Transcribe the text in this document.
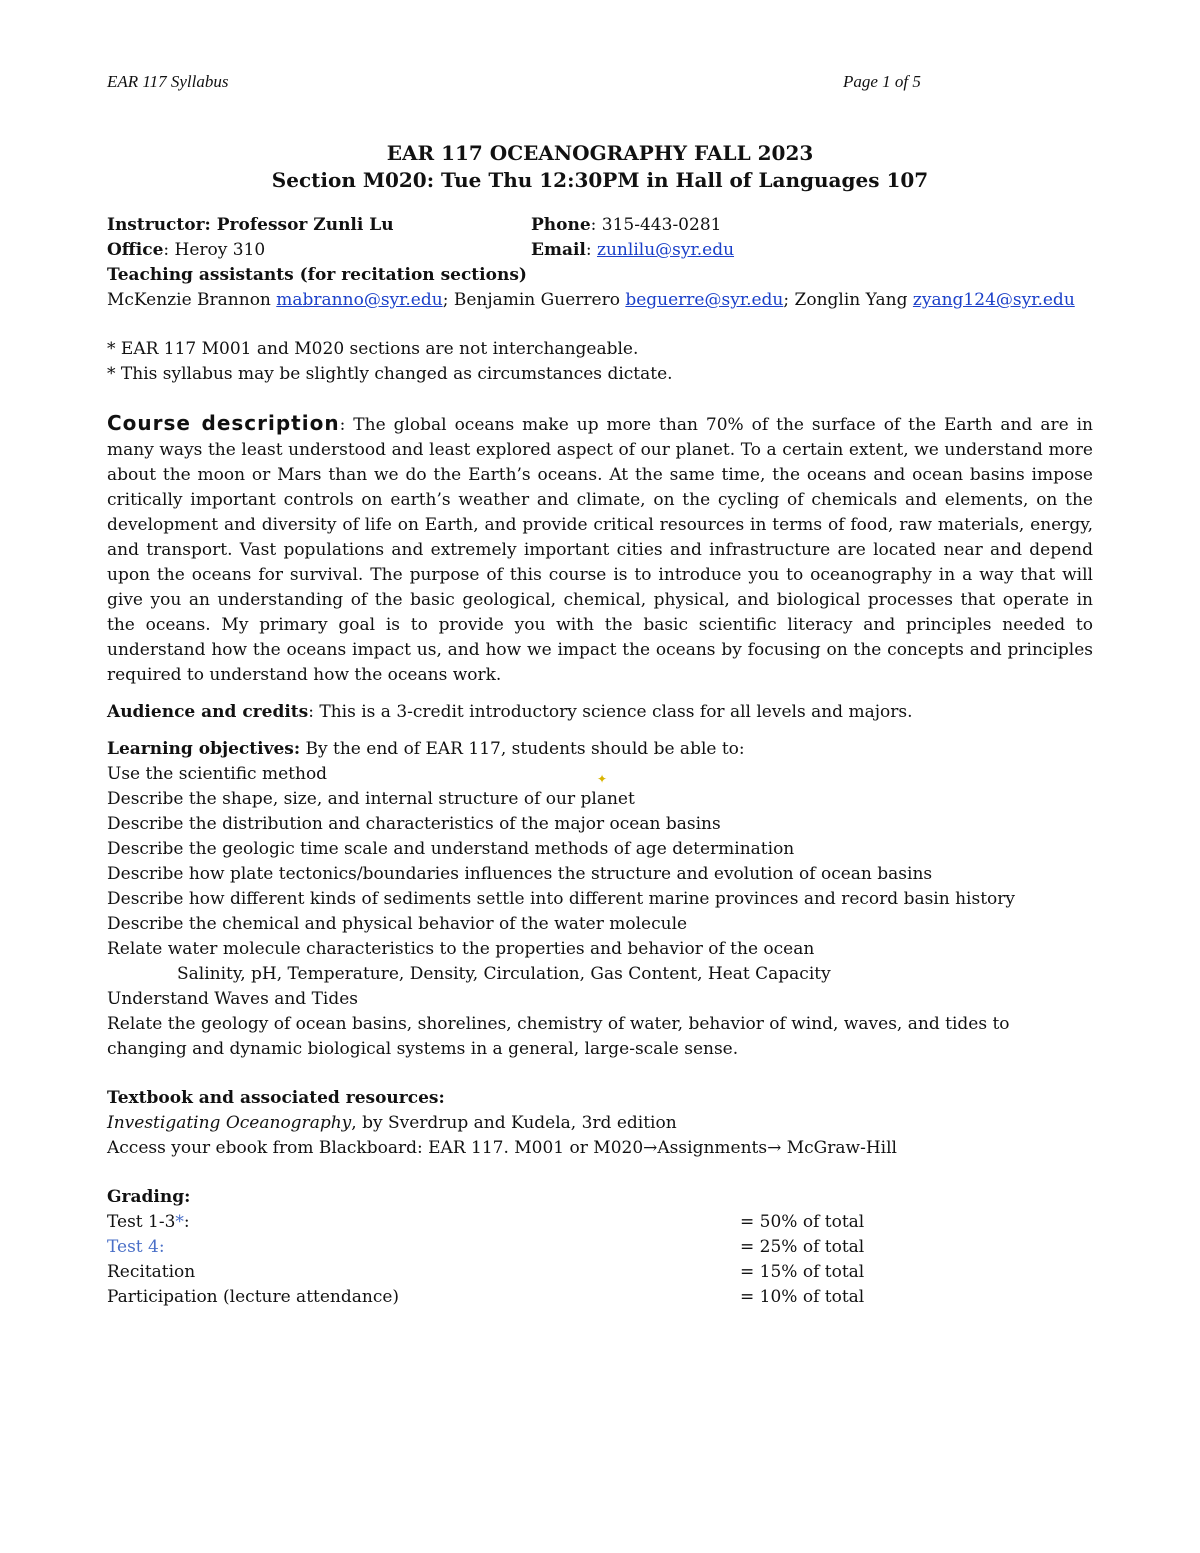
EAR 117 Syllabus	Page 1 of 5
EAR 117 OCEANOGRAPHY FALL 2023
Section M020: Tue Thu 12:30PM in Hall of Languages 107
Instructor: Professor Zunli Lu	Phone: 315-443-0281
Office: Heroy 310	Email: zunlilu@syr.edu
Teaching assistants (for recitation sections)
McKenzie Brannon mabranno@syr.edu; Benjamin Guerrero beguerre@syr.edu; Zonglin Yang zyang124@syr.edu
* EAR 117 M001 and M020 sections are not interchangeable.
* This syllabus may be slightly changed as circumstances dictate.
Course description: The global oceans make up more than 70% of the surface of the Earth and are in many ways the least understood and least explored aspect of our planet. To a certain extent, we understand more about the moon or Mars than we do the Earth’s oceans. At the same time, the oceans and ocean basins impose critically important controls on earth’s weather and climate, on the cycling of chemicals and elements, on the development and diversity of life on Earth, and provide critical resources in terms of food, raw materials, energy, and transport. Vast populations and extremely important cities and infrastructure are located near and depend upon the oceans for survival. The purpose of this course is to introduce you to oceanography in a way that will give you an understanding of the basic geological, chemical, physical, and biological processes that operate in the oceans. My primary goal is to provide you with the basic scientific literacy and principles needed to understand how the oceans impact us, and how we impact the oceans by focusing on the concepts and principles required to understand how the oceans work.
Audience and credits: This is a 3-credit introductory science class for all levels and majors.
Learning objectives: By the end of EAR 117, students should be able to:
Use the scientific method
Describe the shape, size, and internal structure of our planet
Describe the distribution and characteristics of the major ocean basins
Describe the geologic time scale and understand methods of age determination
Describe how plate tectonics/boundaries influences the structure and evolution of ocean basins
Describe how different kinds of sediments settle into different marine provinces and record basin history
Describe the chemical and physical behavior of the water molecule
Relate water molecule characteristics to the properties and behavior of the ocean
Salinity, pH, Temperature, Density, Circulation, Gas Content, Heat Capacity
Understand Waves and Tides
Relate the geology of ocean basins, shorelines, chemistry of water, behavior of wind, waves, and tides to changing and dynamic biological systems in a general, large-scale sense.
Textbook and associated resources:
Investigating Oceanography, by Sverdrup and Kudela, 3rd edition
Access your ebook from Blackboard: EAR 117. M001 or M020→Assignments→ McGraw-Hill
Grading:
Test 1-3*:	= 50% of total
Test 4:	= 25% of total
Recitation	= 15% of total
Participation (lecture attendance)	= 10% of total
✦
